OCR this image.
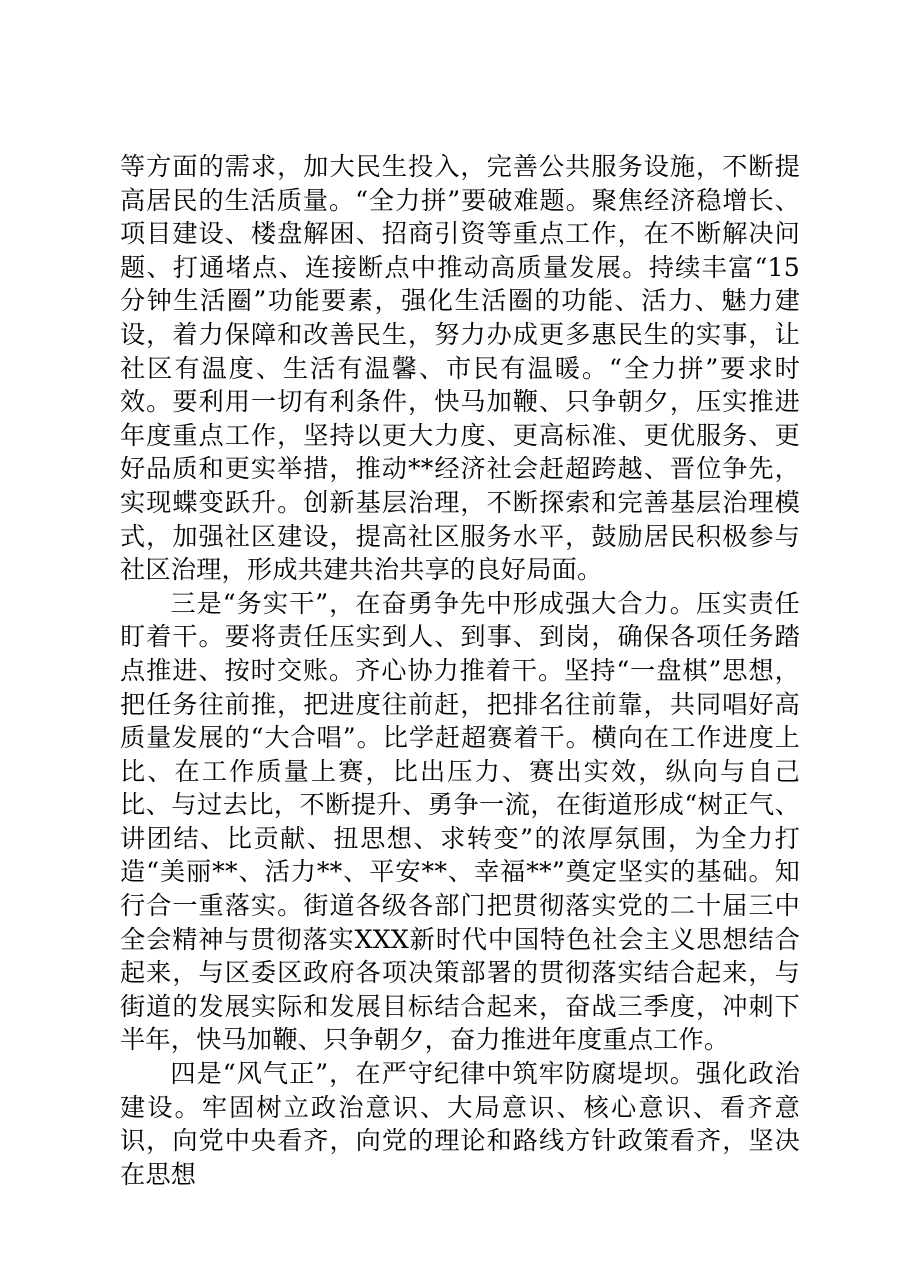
等方面的需求，加大民生投入，完善公共服务设施，不断提高居民的生活质量。“全力拼”要破难题。聚焦经济稳增长、项目建设、楼盘解困、招商引资等重点工作，在不断解决问题、打通堵点、连接断点中推动高质量发展。持续丰富“15分钟生活圈”功能要素，强化生活圈的功能、活力、魅力建设，着力保障和改善民生，努力办成更多惠民生的实事，让社区有温度、生活有温馨、市民有温暖。“全力拼”要求时效。要利用一切有利条件，快马加鞭、只争朝夕，压实推进年度重点工作，坚持以更大力度、更高标准、更优服务、更好品质和更实举措，推动**经济社会赶超跨越、晋位争先，实现蝶变跃升。创新基层治理，不断探索和完善基层治理模式，加强社区建设，提高社区服务水平，鼓励居民积极参与社区治理，形成共建共治共享的良好局面。

三是“务实干”，在奋勇争先中形成强大合力。压实责任盯着干。要将责任压实到人、到事、到岗，确保各项任务踏点推进、按时交账。齐心协力推着干。坚持“一盘棋”思想，把任务往前推，把进度往前赶，把排名往前靠，共同唱好高质量发展的“大合唱”。比学赶超赛着干。横向在工作进度上比、在工作质量上赛，比出压力、赛出实效，纵向与自己比、与过去比，不断提升、勇争一流，在街道形成“树正气、讲团结、比贡献、扭思想、求转变”的浓厚氛围，为全力打造“美丽**、活力**、平安**、幸福**”奠定坚实的基础。知行合一重落实。街道各级各部门把贯彻落实党的二十届三中全会精神与贯彻落实XXX新时代中国特色社会主义思想结合起来，与区委区政府各项决策部署的贯彻落实结合起来，与街道的发展实际和发展目标结合起来，奋战三季度，冲刺下半年，快马加鞭、只争朝夕，奋力推进年度重点工作。

四是“风气正”，在严守纪律中筑牢防腐堤坝。强化政治建设。牢固树立政治意识、大局意识、核心意识、看齐意识，向党中央看齐，向党的理论和路线方针政策看齐，坚决在思想
